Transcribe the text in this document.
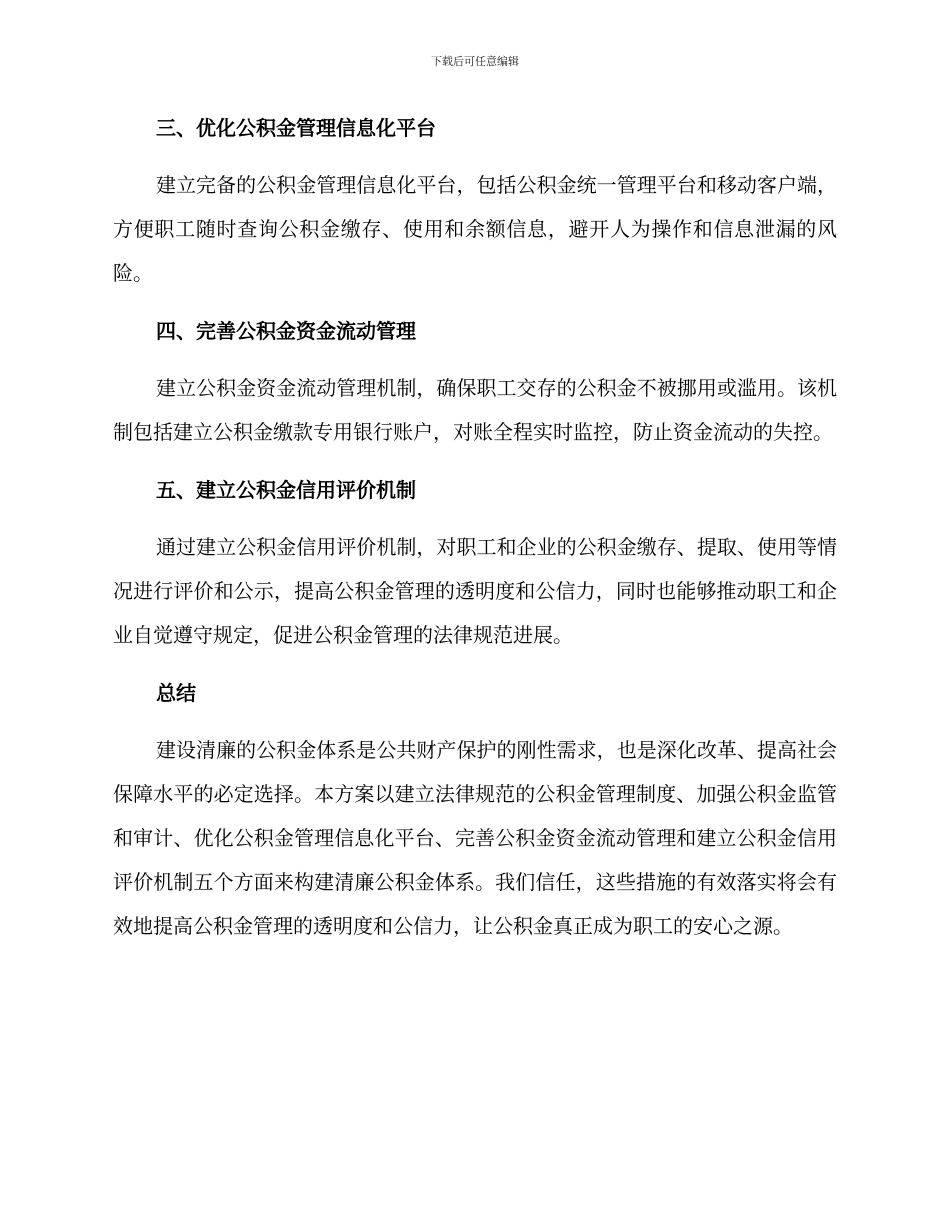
下载后可任意编辑
三、优化公积金管理信息化平台

建立完备的公积金管理信息化平台，包括公积金统一管理平台和移动客户端，方便职工随时查询公积金缴存、使用和余额信息，避开人为操作和信息泄漏的风险。

四、完善公积金资金流动管理

建立公积金资金流动管理机制，确保职工交存的公积金不被挪用或滥用。该机制包括建立公积金缴款专用银行账户，对账全程实时监控，防止资金流动的失控。

五、建立公积金信用评价机制

通过建立公积金信用评价机制，对职工和企业的公积金缴存、提取、使用等情况进行评价和公示，提高公积金管理的透明度和公信力，同时也能够推动职工和企业自觉遵守规定，促进公积金管理的法律规范进展。

总结

建设清廉的公积金体系是公共财产保护的刚性需求，也是深化改革、提高社会保障水平的必定选择。本方案以建立法律规范的公积金管理制度、加强公积金监管和审计、优化公积金管理信息化平台、完善公积金资金流动管理和建立公积金信用评价机制五个方面来构建清廉公积金体系。我们信任，这些措施的有效落实将会有效地提高公积金管理的透明度和公信力，让公积金真正成为职工的安心之源。
